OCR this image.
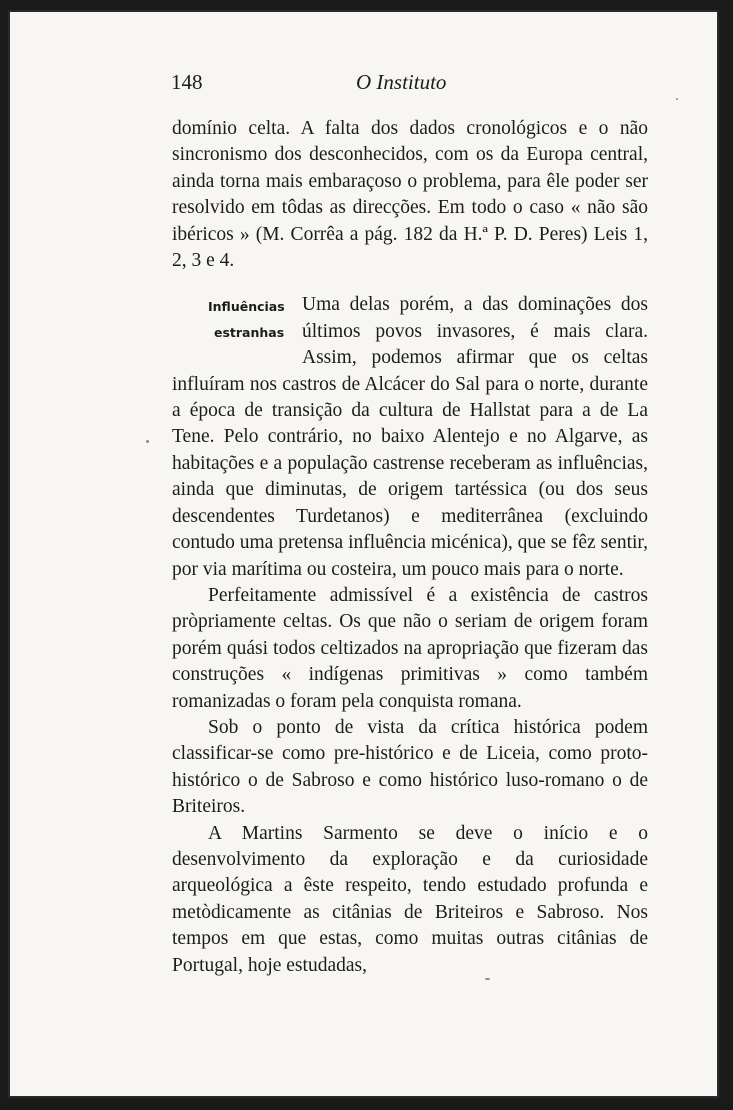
148	O Instituto

domínio celta. A falta dos dados cronológicos e o não sincronismo dos desconhecidos, com os da Europa central, ainda torna mais embaraçoso o problema, para êle poder ser resolvido em tôdas as direcções. Em todo o caso « não são ibéricos » (M. Corrêa a pág. 182 da H.ª P. D. Peres) Leis 1, 2, 3 e 4.

Influências
estranhas

Uma delas porém, a das dominações dos últimos povos invasores, é mais clara. Assim, podemos afirmar que os celtas influíram nos castros de Alcácer do Sal para o norte, durante a época de transição da cultura de Hallstat para a de La Tene. Pelo contrário, no baixo Alentejo e no Algarve, as habitações e a população castrense receberam as influências, ainda que diminutas, de origem tartéssica (ou dos seus descendentes Turdetanos) e mediterrânea (excluindo contudo uma pretensa influência micénica), que se fêz sentir, por via marítima ou costeira, um pouco mais para o norte.

Perfeitamente admissível é a existência de castros pròpriamente celtas. Os que não o seriam de origem foram porém quási todos celtizados na apropriação que fizeram das construções « indígenas primitivas » como também romanizadas o foram pela conquista romana.

Sob o ponto de vista da crítica histórica podem classificar-se como pre-histórico e de Liceia, como proto-histórico o de Sabroso e como histórico luso-romano o de Briteiros.

A Martins Sarmento se deve o início e o desenvolvimento da exploração e da curiosidade arqueológica a êste respeito, tendo estudado profunda e metòdicamente as citânias de Briteiros e Sabroso. Nos tempos em que estas, como muitas outras citânias de Portugal, hoje estudadas,
